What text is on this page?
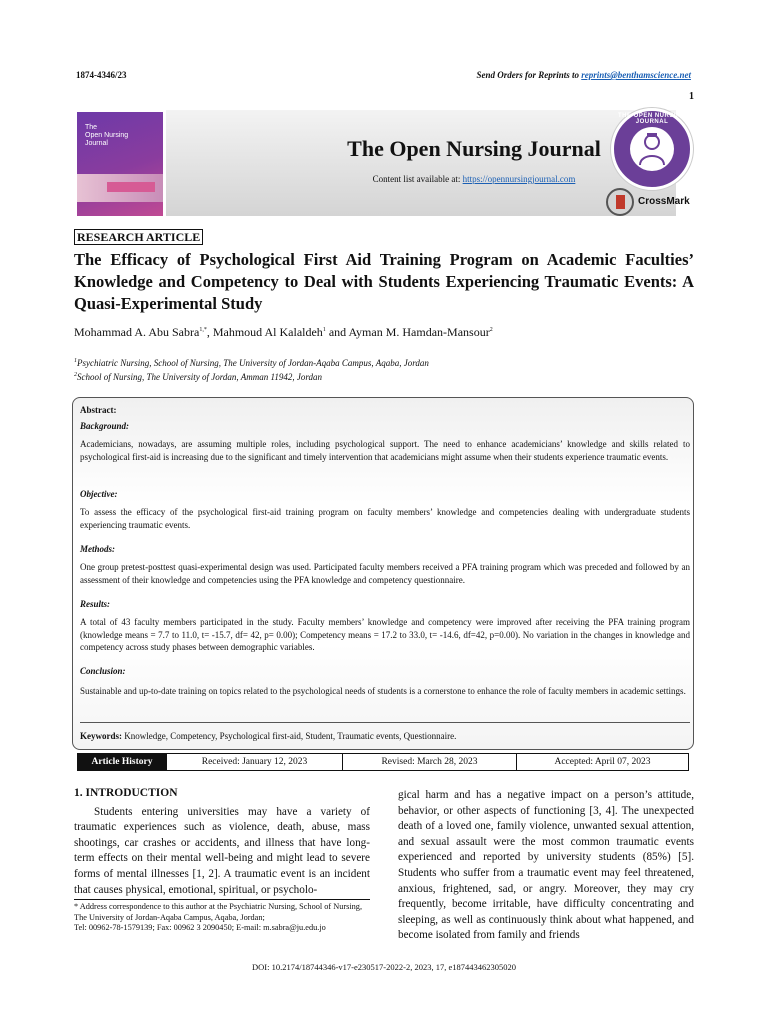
1874-4346/23	Send Orders for Reprints to reprints@benthamscience.net
1
The Open Nursing Journal
Content list available at: https://opennursingjournal.com
The
Open Nursing
Journal
THE OPEN NURSING JOURNAL
CrossMark
RESEARCH ARTICLE
The Efficacy of Psychological First Aid Training Program on Academic Faculties’ Knowledge and Competency to Deal with Students Experiencing Traumatic Events: A Quasi-Experimental Study
Mohammad A. Abu Sabra$^{1,*}$, Mahmoud Al Kalaldeh$^1$ and Ayman M. Hamdan-Mansour$^2$
$^1$Psychiatric Nursing, School of Nursing, The University of Jordan-Aqaba Campus, Aqaba, Jordan
$^2$School of Nursing, The University of Jordan, Amman 11942, Jordan
Abstract:
Background:

Academicians, nowadays, are assuming multiple roles, including psychological support. The need to enhance academicians’ knowledge and skills related to psychological first-aid is increasing due to the significant and timely intervention that academicians might assume when their students experience traumatic events.

Objective:

To assess the efficacy of the psychological first-aid training program on faculty members’ knowledge and competencies dealing with undergraduate students experiencing traumatic events.

Methods:

One group pretest-posttest quasi-experimental design was used. Participated faculty members received a PFA training program which was preceded and followed by an assessment of their knowledge and competencies using the PFA knowledge and competency questionnaire.

Results:

A total of 43 faculty members participated in the study. Faculty members’ knowledge and competency were improved after receiving the PFA training program (knowledge means = 7.7 to 11.0, t= -15.7, df= 42, p= 0.00); Competency means = 17.2 to 33.0, t= -14.6, df=42, p=0.00). No variation in the changes in knowledge and competency across study phases between demographic variables.

Conclusion:

Sustainable and up-to-date training on topics related to the psychological needs of students is a cornerstone to enhance the role of faculty members in academic settings.

Keywords: Knowledge, Competency, Psychological first-aid, Student, Traumatic events, Questionnaire.
Article History	Received: January 12, 2023	Revised: March 28, 2023	Accepted: April 07, 2023
1. INTRODUCTION

Students entering universities may have a variety of traumatic experiences such as violence, death, abuse, mass shootings, car crashes or accidents, and illness that have long-term effects on their mental well-being and might lead to severe forms of mental illnesses [1, 2]. A traumatic event is an incident that causes physical, emotional, spiritual, or psycholo-

gical harm and has a negative impact on a person’s attitude, behavior, or other aspects of functioning [3, 4]. The unexpected death of a loved one, family violence, unwanted sexual attention, and sexual assault were the most common traumatic events experienced and reported by university students (85%) [5]. Students who suffer from a traumatic event may feel threatened, anxious, frightened, sad, or angry. Moreover, they may cry frequently, become irritable, have difficulty concentrating and sleeping, as well as continuously think about what happened, and become isolated from family and friends

* Address correspondence to this author at the Psychiatric Nursing, School of Nursing, The University of Jordan-Aqaba Campus, Aqaba, Jordan;
Tel: 00962-78-1579139; Fax: 00962 3 2090450; E-mail: m.sabra@ju.edu.jo
DOI: 10.2174/18744346-v17-e230517-2022-2, 2023, 17, e187443462305020
